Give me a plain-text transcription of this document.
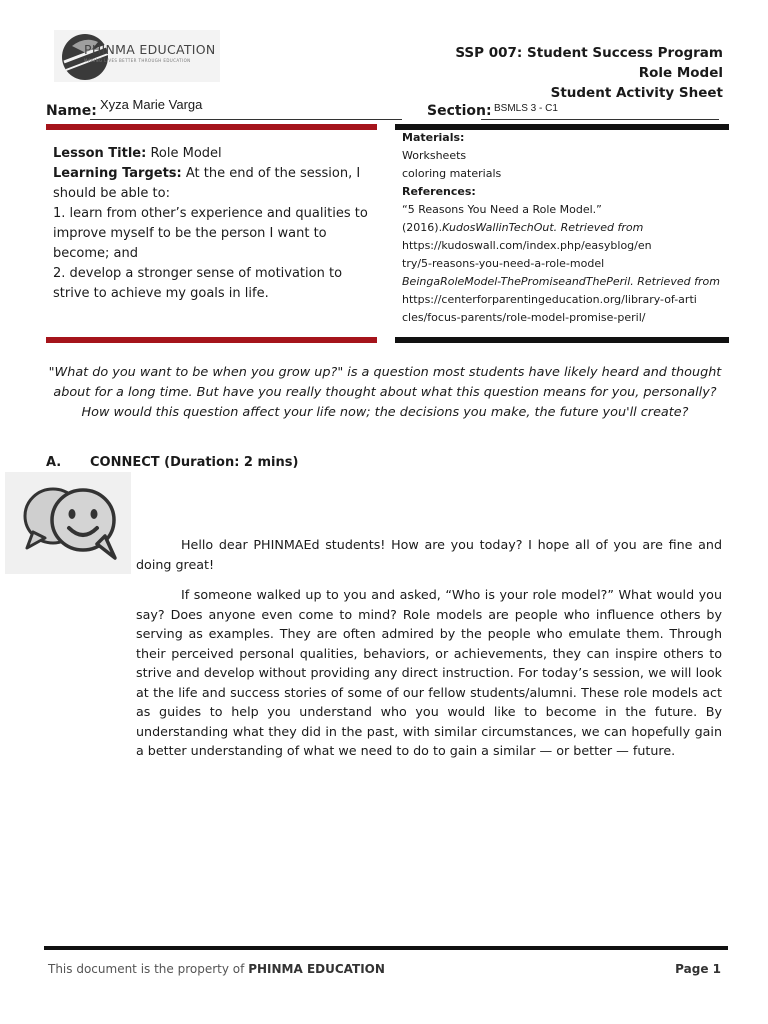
PHINMA EDUCATION
MAKING LIVES BETTER THROUGH EDUCATION	SSP 007: Student Success Program
Role Model
Student Activity Sheet
Name: Xyza Marie Varga	Section: BSMLS 3 - C1

Lesson Title: Role Model

Learning Targets: At the end of the session, I should be able to:

1. learn from other’s experience and qualities to improve myself to be the person I want to become; and

2. develop a stronger sense of motivation to strive to achieve my goals in life.

Materials:
Worksheets
coloring materials
References:
“5 Reasons You Need a Role Model.”
(2016).KudosWallinTechOut. Retrieved from
https://kudoswall.com/index.php/easyblog/en
try/5-reasons-you-need-a-role-model
BeingaRoleModel-ThePromiseandThePeril. Retrieved from
https://centerforparentingeducation.org/library-of-arti
cles/focus-parents/role-model-promise-peril/
"What do you want to be when you grow up?" is a question most students have likely heard and thought about for a long time. But have you really thought about what this question means for you, personally? How would this question affect your life now; the decisions you make, the future you'll create?
A. CONNECT (Duration: 2 mins)

Hello dear PHINMAEd students! How are you today? I hope all of you are fine and doing great!

If someone walked up to you and asked, “Who is your role model?” What would you say? Does anyone even come to mind? Role models are people who influence others by serving as examples. They are often admired by the people who emulate them. Through their perceived personal qualities, behaviors, or achievements, they can inspire others to strive and develop without providing any direct instruction. For today’s session, we will look at the life and success stories of some of our fellow students/alumni. These role models act as guides to help you understand who you would like to become in the future. By understanding what they did in the past, with similar circumstances, we can hopefully gain a better understanding of what we need to do to gain a similar — or better — future.

This document is the property of PHINMA EDUCATION	Page 1
